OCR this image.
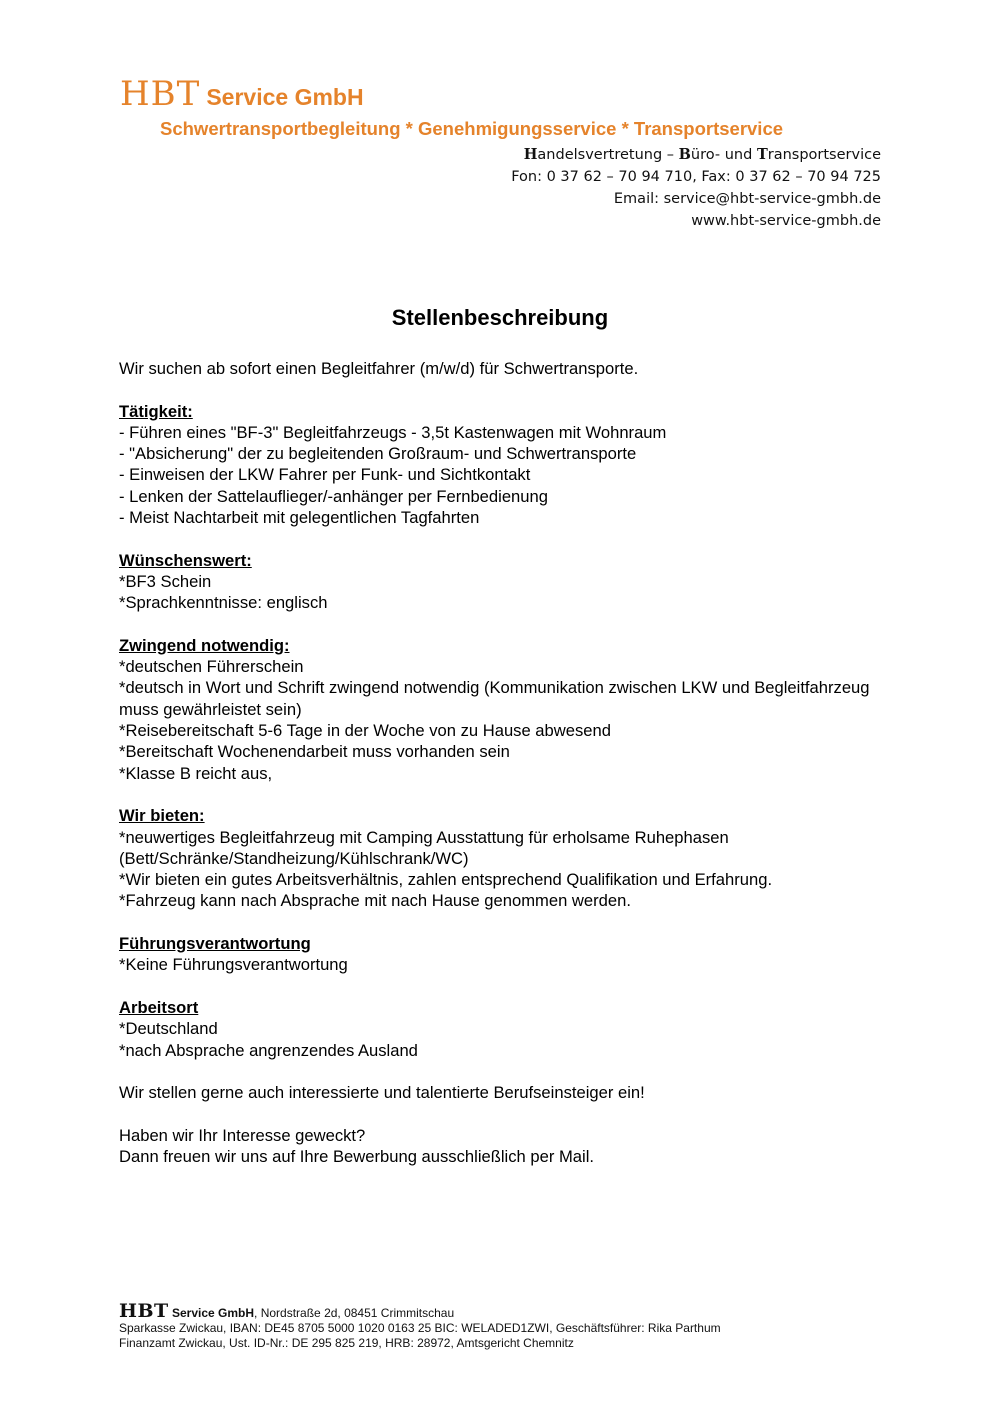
HBT Service GmbH
Schwertransportbegleitung * Genehmigungsservice * Transportservice
Handelsvertretung – Büro- und Transportservice
Fon: 0 37 62 – 70 94 710, Fax: 0 37 62 – 70 94 725
Email: service@hbt-service-gmbh.de
www.hbt-service-gmbh.de
Stellenbeschreibung

Wir suchen ab sofort einen Begleitfahrer (m/w/d) für Schwertransporte.

Tätigkeit:

- Führen eines "BF-3" Begleitfahrzeugs - 3,5t Kastenwagen mit Wohnraum

- "Absicherung" der zu begleitenden Großraum- und Schwertransporte

- Einweisen der LKW Fahrer per Funk- und Sichtkontakt

- Lenken der Sattelauflieger/-anhänger per Fernbedienung

- Meist Nachtarbeit mit gelegentlichen Tagfahrten

Wünschenswert:

*BF3 Schein

*Sprachkenntnisse: englisch

Zwingend notwendig:

*deutschen Führerschein

*deutsch in Wort und Schrift zwingend notwendig (Kommunikation zwischen LKW und Begleitfahrzeug muss gewährleistet sein)

*Reisebereitschaft 5-6 Tage in der Woche von zu Hause abwesend

*Bereitschaft Wochenendarbeit muss vorhanden sein

*Klasse B reicht aus,

Wir bieten:

*neuwertiges Begleitfahrzeug mit Camping Ausstattung für erholsame Ruhephasen (Bett/Schränke/Standheizung/Kühlschrank/WC)

*Wir bieten ein gutes Arbeitsverhältnis, zahlen entsprechend Qualifikation und Erfahrung.

*Fahrzeug kann nach Absprache mit nach Hause genommen werden.

Führungsverantwortung

*Keine Führungsverantwortung

Arbeitsort

*Deutschland

*nach Absprache angrenzendes Ausland

Wir stellen gerne auch interessierte und talentierte Berufseinsteiger ein!

Haben wir Ihr Interesse geweckt?

Dann freuen wir uns auf Ihre Bewerbung ausschließlich per Mail.

HBT Service GmbH, Nordstraße 2d, 08451 Crimmitschau
Sparkasse Zwickau, IBAN: DE45 8705 5000 1020 0163 25 BIC: WELADED1ZWI, Geschäftsführer: Rika Parthum
Finanzamt Zwickau, Ust. ID-Nr.: DE 295 825 219, HRB: 28972, Amtsgericht Chemnitz
